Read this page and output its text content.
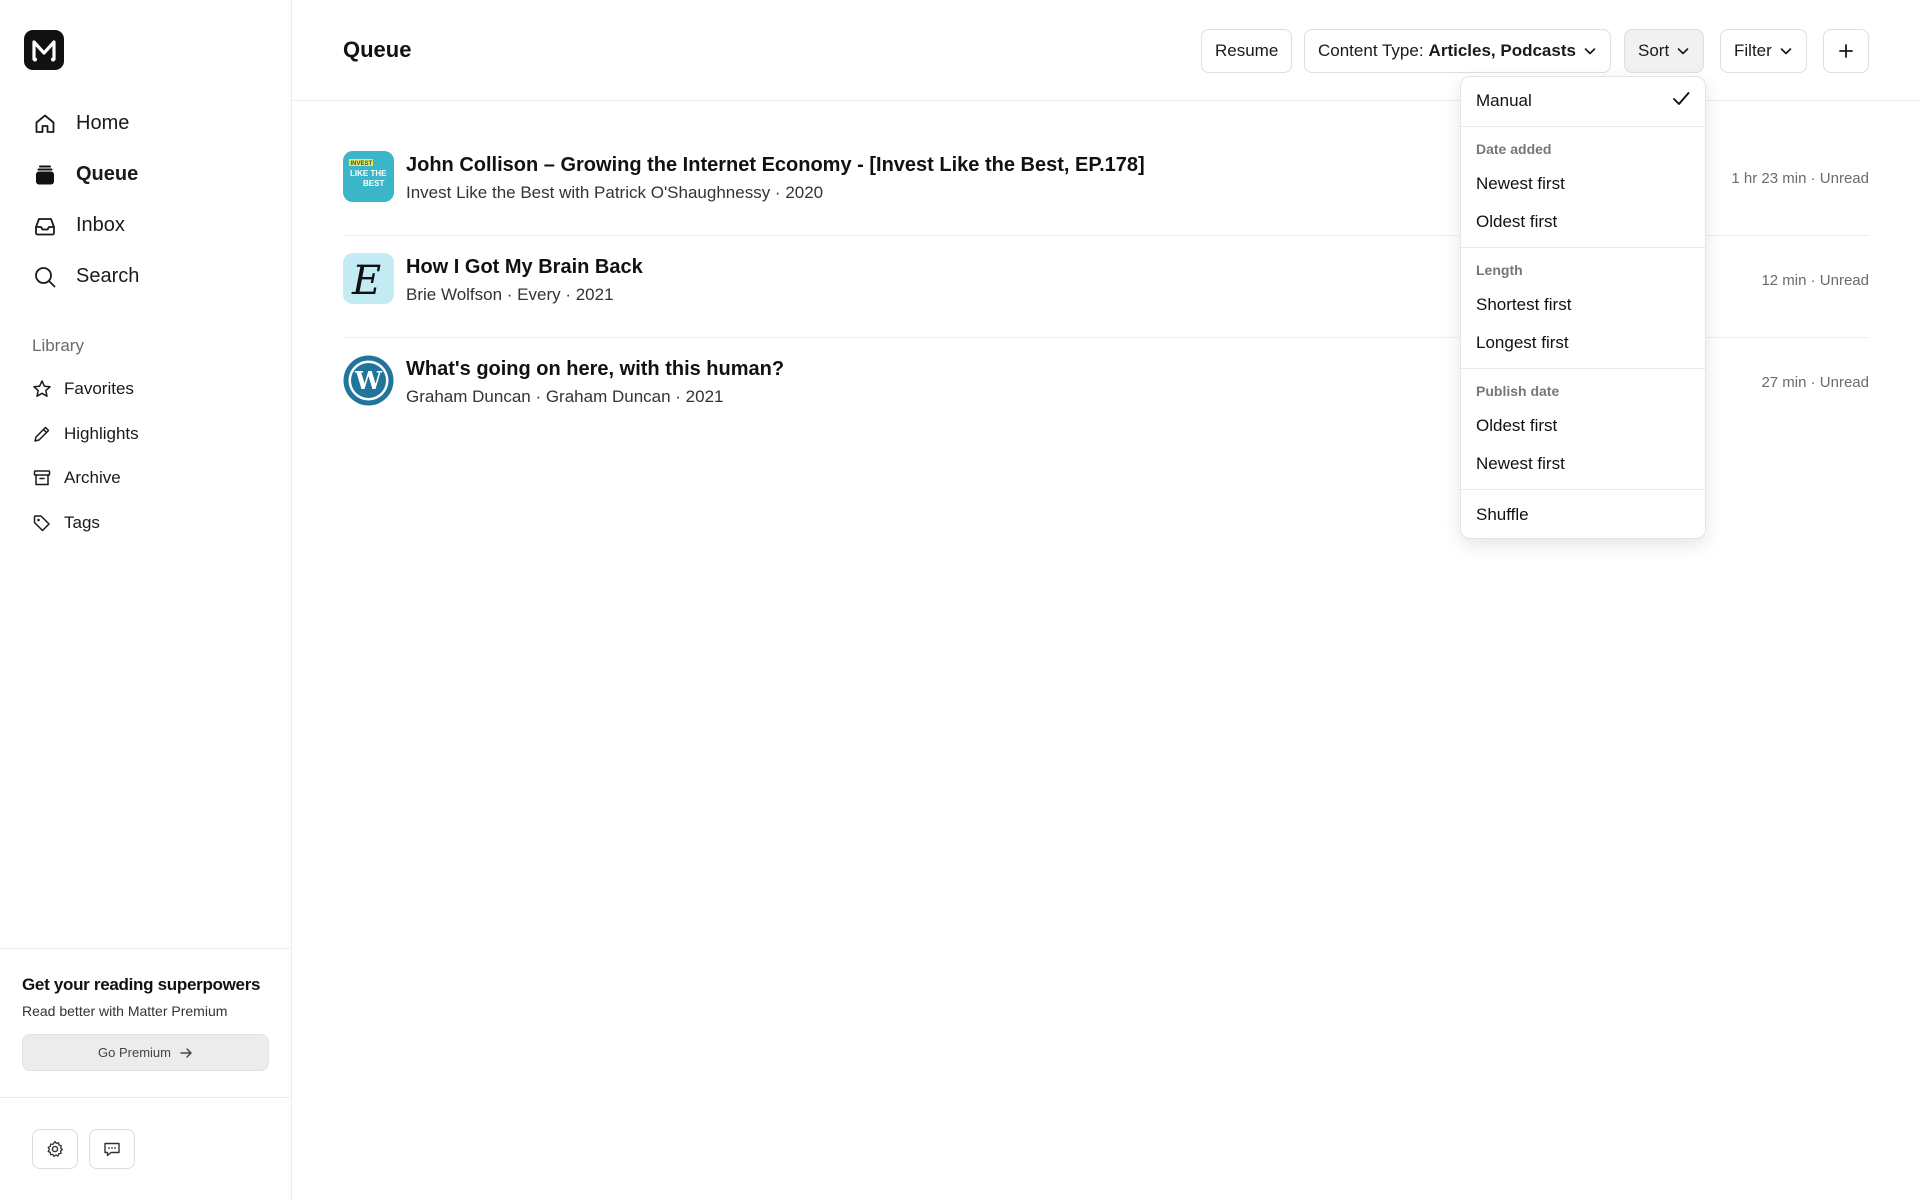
Home
Queue
Inbox
Search
Library
Favorites
Highlights
Archive
Tags
Get your reading superpowers
Read better with Matter Premium
Go Premium
Queue	Resume Content Type: Articles, Podcasts	Sort	Filter
INVEST
LIKE THE
BEST
John Collison – Growing the Internet Economy - [Invest Like the Best, EP.178]
Invest Like the Best with Patrick O'Shaughnessy · 2020
1 hr 23 min · Unread
E How I Got My Brain Back
Brie Wolfson · Every · 2021
12 min · Unread
W What's going on here, with this human?
Graham Duncan · Graham Duncan · 2021
27 min · Unread
Manual
Date added
Newest first
Oldest first
Length
Shortest first
Longest first
Publish date
Oldest first
Newest first
Shuffle
